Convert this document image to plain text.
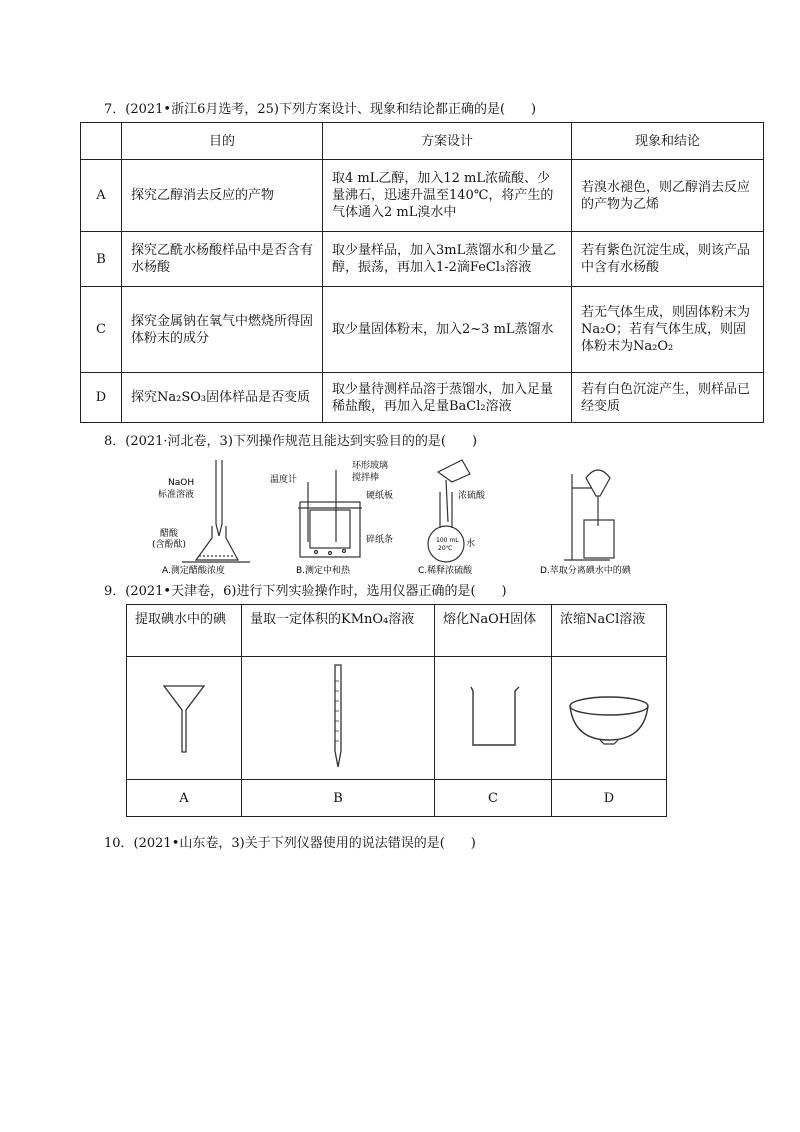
7．(2021•浙江6月选考，25)下列方案设计、现象和结论都正确的是(　　)
	目的	方案设计	现象和结论
A	探究乙醇消去反应的产物	取4 mL乙醇，加入12 mL浓硫酸、少量沸石，迅速升温至140℃，将产生的气体通入2 mL溴水中	若溴水褪色，则乙醇消去反应的产物为乙烯
B	探究乙酰水杨酸样品中是否含有水杨酸	取少量样品，加入3mL蒸馏水和少量乙醇，振荡，再加入1-2滴FeCl₃溶液	若有紫色沉淀生成，则该产品中含有水杨酸
C	探究金属钠在氧气中燃烧所得固体粉末的成分	取少量固体粉末，加入2~3 mL蒸馏水	若无气体生成，则固体粉末为Na₂O；若有气体生成，则固体粉末为Na₂O₂
D	探究Na₂SO₃固体样品是否变质	取少量待测样品溶于蒸馏水，加入足量稀盐酸，再加入足量BaCl₂溶液	若有白色沉淀产生，则样品已经变质
8．(2021·河北卷，3)下列操作规范且能达到实验目的的是(　　)
NaOH
标准溶液
醋酸
(含酚酞)
A.测定醋酸浓度
温度计
环形玻璃
搅拌棒
硬纸板
碎纸条
B.测定中和热
浓硫酸
水
100 mL
20℃
C.稀释浓硫酸	D.萃取分离碘水中的碘
9．(2021•天津卷，6)进行下列实验操作时，选用仪器正确的是(　　)
提取碘水中的碘	量取一定体积的KMnO₄溶液	熔化NaOH固体	浓缩NaCl溶液

A	B	C	D
10．(2021•山东卷，3)关于下列仪器使用的说法错误的是(　　)
